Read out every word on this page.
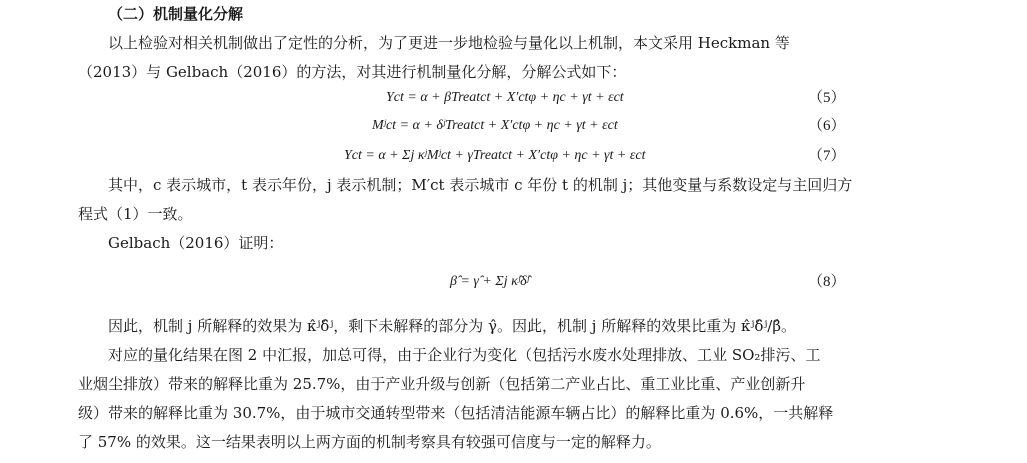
（二）机制量化分解
以上检验对相关机制做出了定性的分析，为了更进一步地检验与量化以上机制，本文采用 Heckman 等
（2013）与 Gelbach（2016）的方法，对其进行机制量化分解，分解公式如下：
Yct = α + βTreatct + X′ctφ + ηc + γt + εct	（5）
Mʲct = α + δʲTreatct + X′ctφ + ηc + γt + εct	（6）
Yct = α + Σj κʲMʲct + γTreatct + X′ctφ + ηc + γt + εct	（7）
其中，c 表示城市，t 表示年份，j 表示机制；M′ct 表示城市 c 年份 t 的机制 j；其他变量与系数设定与主回归方
程式（1）一致。
Gelbach（2016）证明：
β̂ = γ̂ + Σj κ̂ʲδ̂ʲ	（8）
因此，机制 j 所解释的效果为 κ̂ʲδ̂ʲ，剩下未解释的部分为 γ̂。因此，机制 j 所解释的效果比重为 κ̂ʲδ̂ʲ/β̂。
对应的量化结果在图 2 中汇报，加总可得，由于企业行为变化（包括污水废水处理排放、工业 SO₂排污、工
业烟尘排放）带来的解释比重为 25.7%，由于产业升级与创新（包括第二产业占比、重工业比重、产业创新升
级）带来的解释比重为 30.7%，由于城市交通转型带来（包括清洁能源车辆占比）的解释比重为 0.6%，一共解释
了 57% 的效果。这一结果表明以上两方面的机制考察具有较强可信度与一定的解释力。
